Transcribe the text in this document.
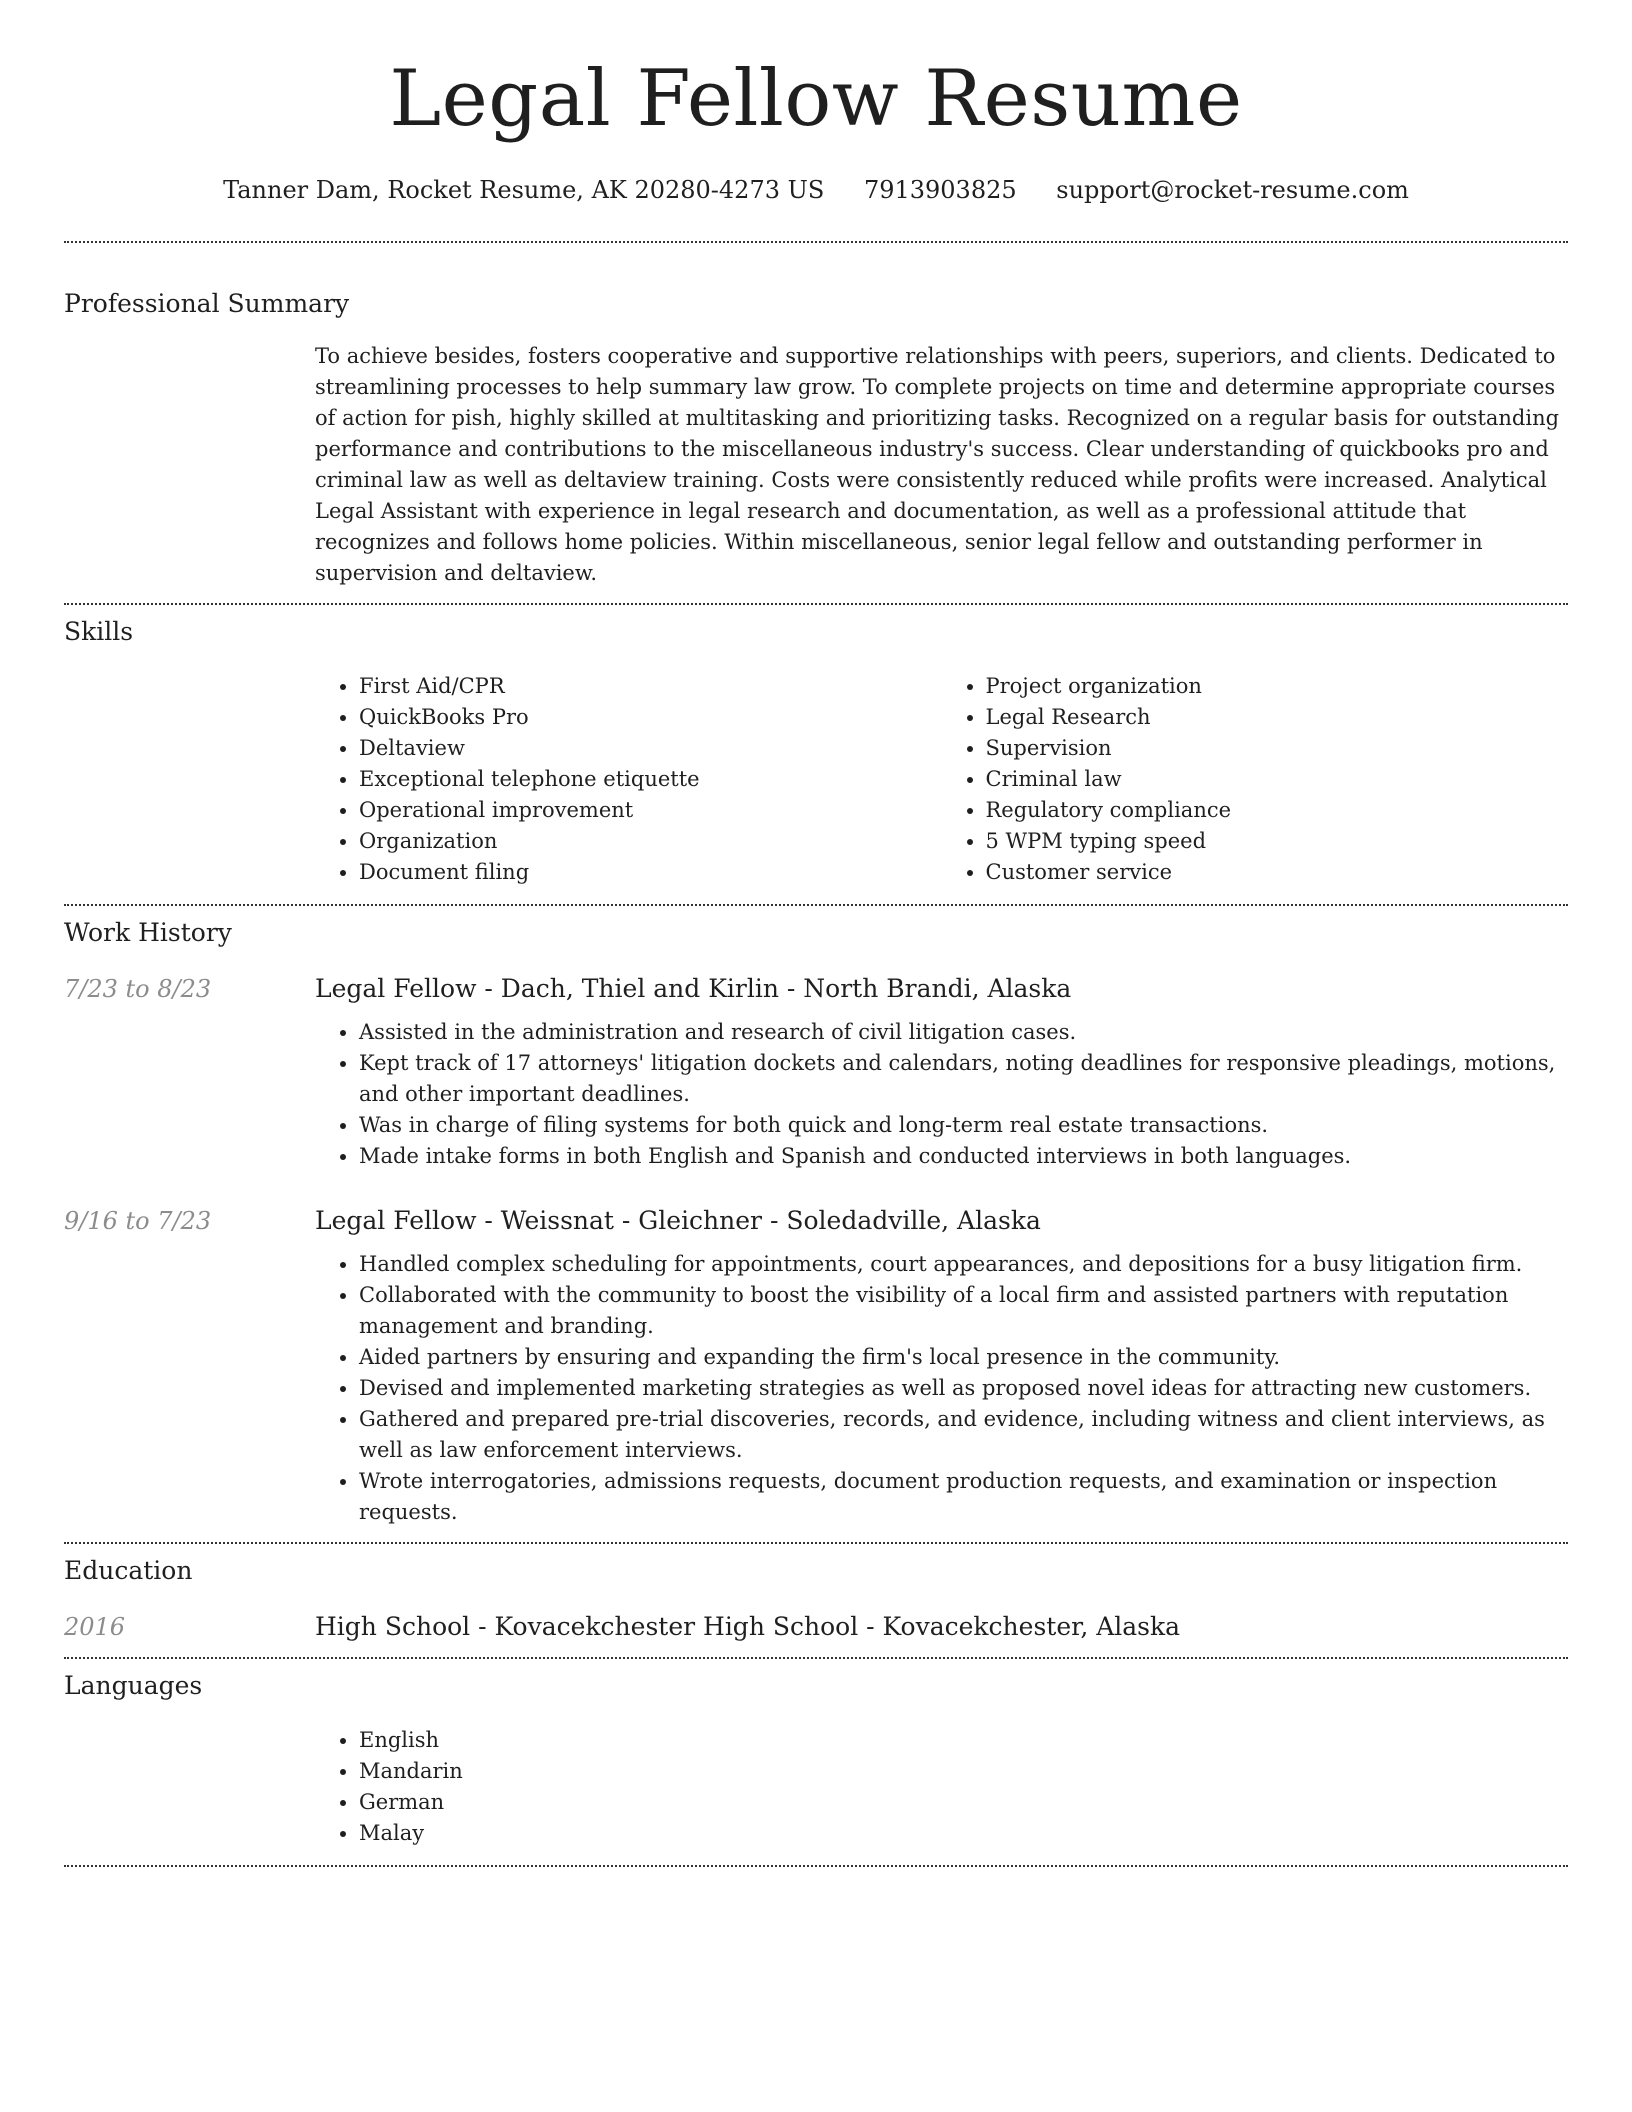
Legal Fellow Resume
Tanner Dam, Rocket Resume, AK 20280-4273 US 7913903825 support@rocket-resume.com
Professional Summary
To achieve besides, fosters cooperative and supportive relationships with peers, superiors, and clients. Dedicated to streamlining processes to help summary law grow. To complete projects on time and determine appropriate courses of action for pish, highly skilled at multitasking and prioritizing tasks. Recognized on a regular basis for outstanding performance and contributions to the miscellaneous industry's success. Clear understanding of quickbooks pro and criminal law as well as deltaview training. Costs were consistently reduced while profits were increased. Analytical Legal Assistant with experience in legal research and documentation, as well as a professional attitude that recognizes and follows home policies. Within miscellaneous, senior legal fellow and outstanding performer in supervision and deltaview.
Skills
• First Aid/CPR
• QuickBooks Pro
• Deltaview
• Exceptional telephone etiquette
• Operational improvement
• Organization
• Document filing
• Project organization
• Legal Research
• Supervision
• Criminal law
• Regulatory compliance
• 5 WPM typing speed
• Customer service
Work History
7/23 to 8/23	Legal Fellow - Dach, Thiel and Kirlin - North Brandi, Alaska
• Assisted in the administration and research of civil litigation cases.
• Kept track of 17 attorneys' litigation dockets and calendars, noting deadlines for responsive pleadings, motions, and other important deadlines.
• Was in charge of filing systems for both quick and long-term real estate transactions.
• Made intake forms in both English and Spanish and conducted interviews in both languages.
9/16 to 7/23	Legal Fellow - Weissnat - Gleichner - Soledadville, Alaska
• Handled complex scheduling for appointments, court appearances, and depositions for a busy litigation firm.
• Collaborated with the community to boost the visibility of a local firm and assisted partners with reputation management and branding.
• Aided partners by ensuring and expanding the firm's local presence in the community.
• Devised and implemented marketing strategies as well as proposed novel ideas for attracting new customers.
• Gathered and prepared pre-trial discoveries, records, and evidence, including witness and client interviews, as well as law enforcement interviews.
• Wrote interrogatories, admissions requests, document production requests, and examination or inspection requests.
Education
2016	High School - Kovacekchester High School - Kovacekchester, Alaska
Languages
• English
• Mandarin
• German
• Malay
